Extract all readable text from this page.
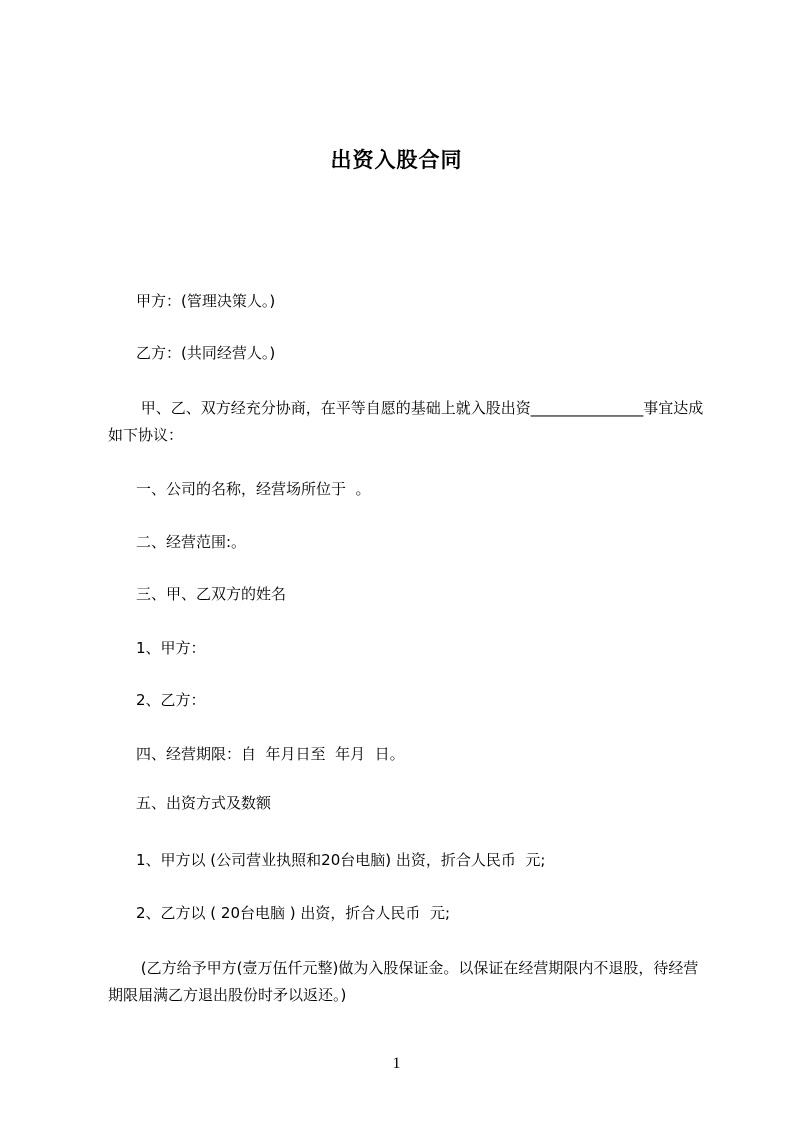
出资入股合同
甲方：(管理决策人。)
乙方：(共同经营人。)
甲、乙、双方经充分协商，在平等自愿的基础上就入股出资_______________事宜达成如下协议：
一、公司的名称，经营场所位于  。
二、经营范围:。
三、甲、乙双方的姓名
1、甲方：
2、乙方：
四、经营期限：自  年月日至  年月  日。
五、出资方式及数额
1、甲方以 (公司营业执照和20台电脑) 出资，折合人民币  元;
2、乙方以 ( 20台电脑 ) 出资，折合人民币  元;
(乙方给予甲方(壹万伍仟元整)做为入股保证金。以保证在经营期限内不退股，待经营期限届满乙方退出股份时矛以返还。)
1
